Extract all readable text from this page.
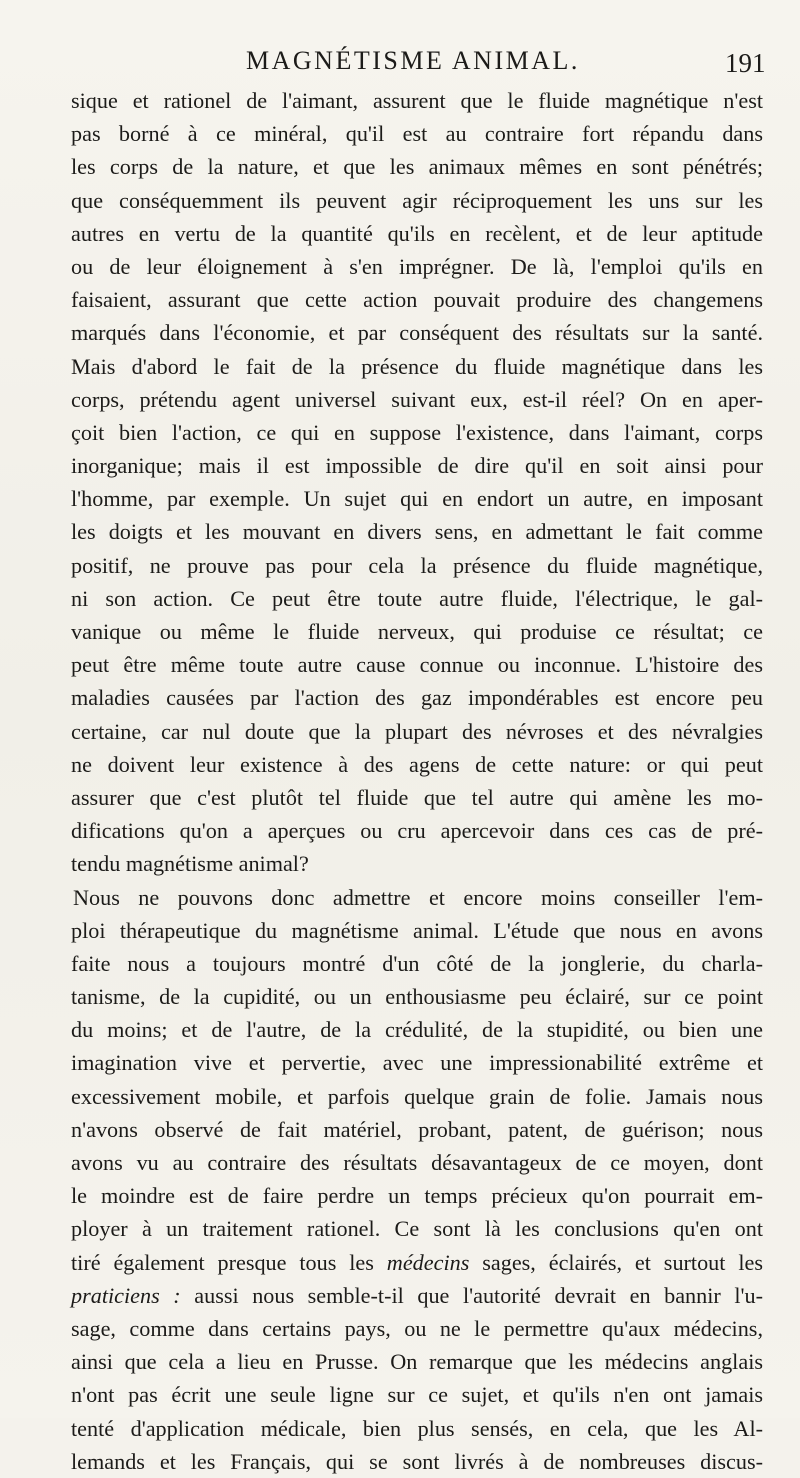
MAGNÉTISME ANIMAL.	191
sique et rationel de l'aimant, assurent que le fluide magnétique n'est
pas borné à ce minéral, qu'il est au contraire fort répandu dans
les corps de la nature, et que les animaux mêmes en sont pénétrés;
que conséquemment ils peuvent agir réciproquement les uns sur les
autres en vertu de la quantité qu'ils en recèlent, et de leur aptitude
ou de leur éloignement à s'en imprégner. De là, l'emploi qu'ils en
faisaient, assurant que cette action pouvait produire des changemens
marqués dans l'économie, et par conséquent des résultats sur la santé.
Mais d'abord le fait de la présence du fluide magnétique dans les
corps, prétendu agent universel suivant eux, est-il réel? On en aper-
çoit bien l'action, ce qui en suppose l'existence, dans l'aimant, corps
inorganique; mais il est impossible de dire qu'il en soit ainsi pour
l'homme, par exemple. Un sujet qui en endort un autre, en imposant
les doigts et les mouvant en divers sens, en admettant le fait comme
positif, ne prouve pas pour cela la présence du fluide magnétique,
ni son action. Ce peut être toute autre fluide, l'électrique, le gal-
vanique ou même le fluide nerveux, qui produise ce résultat; ce
peut être même toute autre cause connue ou inconnue. L'histoire des
maladies causées par l'action des gaz impondérables est encore peu
certaine, car nul doute que la plupart des névroses et des névralgies
ne doivent leur existence à des agens de cette nature: or qui peut
assurer que c'est plutôt tel fluide que tel autre qui amène les mo-
difications qu'on a aperçues ou cru apercevoir dans ces cas de pré-
tendu magnétisme animal?
Nous ne pouvons donc admettre et encore moins conseiller l'em-
ploi thérapeutique du magnétisme animal. L'étude que nous en avons
faite nous a toujours montré d'un côté de la jonglerie, du charla-
tanisme, de la cupidité, ou un enthousiasme peu éclairé, sur ce point
du moins; et de l'autre, de la crédulité, de la stupidité, ou bien une
imagination vive et pervertie, avec une impressionabilité extrême et
excessivement mobile, et parfois quelque grain de folie. Jamais nous
n'avons observé de fait matériel, probant, patent, de guérison; nous
avons vu au contraire des résultats désavantageux de ce moyen, dont
le moindre est de faire perdre un temps précieux qu'on pourrait em-
ployer à un traitement rationel. Ce sont là les conclusions qu'en ont
tiré également presque tous les médecins sages, éclairés, et surtout les
praticiens : aussi nous semble-t-il que l'autorité devrait en bannir l'u-
sage, comme dans certains pays, ou ne le permettre qu'aux médecins,
ainsi que cela a lieu en Prusse. On remarque que les médecins anglais
n'ont pas écrit une seule ligne sur ce sujet, et qu'ils n'en ont jamais
tenté d'application médicale, bien plus sensés, en cela, que les Al-
lemands et les Français, qui se sont livrés à de nombreuses discus-
